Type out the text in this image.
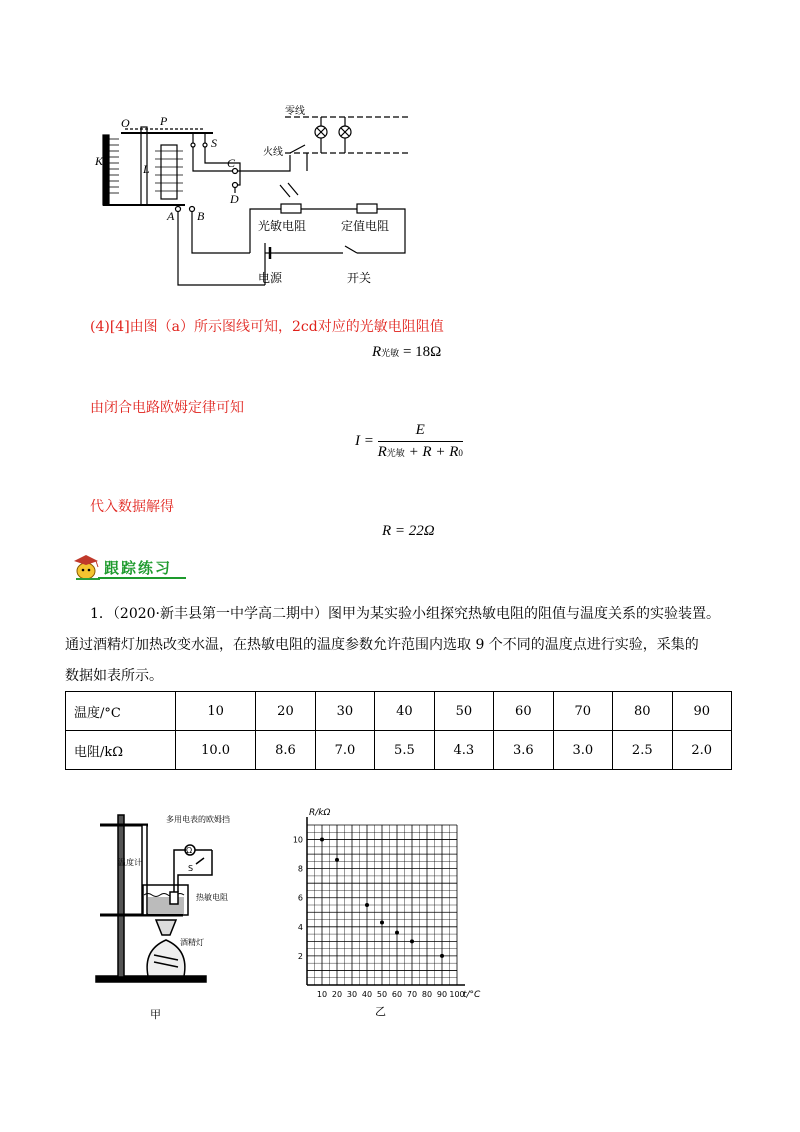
O	P
S
K
L	C
D
A B
零线
火线
光敏电阻	定值电阻
电源	开关
(4)[4]由图（a）所示图线可知，2cd对应的光敏电阻阻值
R光敏 = 18Ω
由闭合电路欧姆定律可知
$I = \frac{E}{\text{R光敏 + R + R0}}$
代入数据解得
R = 22Ω
跟踪练习
1．（2020·新丰县第一中学高二期中）图甲为某实验小组探究热敏电阻的阻值与温度关系的实验装置。
通过酒精灯加热改变水温，在热敏电阻的温度参数允许范围内选取 9 个不同的温度点进行实验，采集的
数据如表所示。
温度/°C	10	20	30	40	50	60	70	80	90
电阻/kΩ	10.0	8.6	7.0	5.5	4.3	3.6	3.0	2.5	2.0
多用电表的欧姆挡
Ω
S
温度计
热敏电阻
酒精灯
甲
10 20 30 40 50 60 70 80 90 100
2
4
6
8
10
R/kΩ
t/°C
乙
